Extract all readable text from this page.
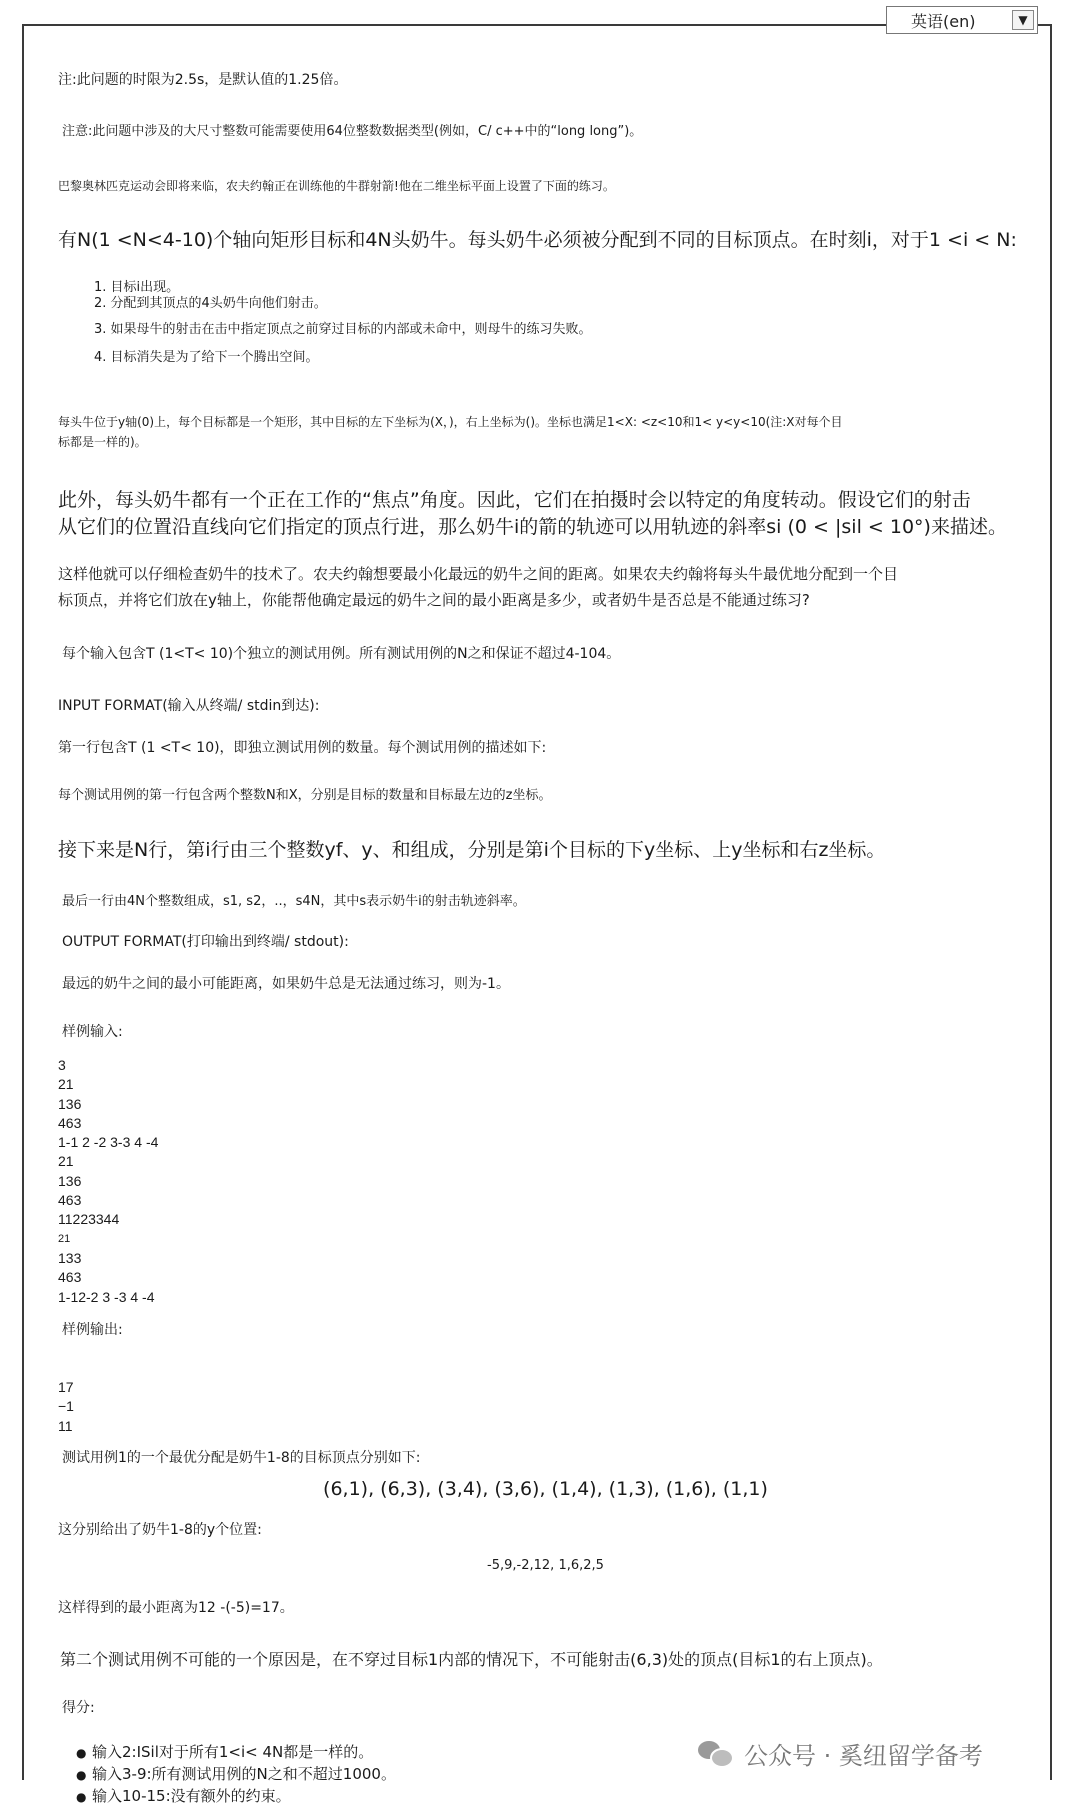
注:此问题的时限为2.5s，是默认值的1.25倍。
注意:此问题中涉及的大尺寸整数可能需要使用64位整数数据类型(例如，C/ c++中的“long long”)。
巴黎奥林匹克运动会即将来临，农夫约翰正在训练他的牛群射箭!他在二维坐标平面上设置了下面的练习。
有N(1 <N<4-10)个轴向矩形目标和4N头奶牛。每头奶牛必须被分配到不同的目标顶点。在时刻i，对于1 <i < N:
1. 目标i出现。
2. 分配到其顶点的4头奶牛向他们射击。
3. 如果母牛的射击在击中指定顶点之前穿过目标的内部或未命中，则母牛的练习失败。
4. 目标消失是为了给下一个腾出空间。
每头牛位于y轴(0)上，每个目标都是一个矩形，其中目标的左下坐标为(X，)，右上坐标为()。坐标也满足1<X: <z<10和1< y<y<10(注:X对每个目
标都是一样的)。
此外，每头奶牛都有一个正在工作的“焦点”角度。因此，它们在拍摄时会以特定的角度转动。假设它们的射击
从它们的位置沿直线向它们指定的顶点行进，那么奶牛i的箭的轨迹可以用轨迹的斜率si (0 < |sil < 10°)来描述。
这样他就可以仔细检查奶牛的技术了。农夫约翰想要最小化最远的奶牛之间的距离。如果农夫约翰将每头牛最优地分配到一个目
标顶点，并将它们放在y轴上，你能帮他确定最远的奶牛之间的最小距离是多少，或者奶牛是否总是不能通过练习?
每个输入包含T (1<T< 10)个独立的测试用例。所有测试用例的N之和保证不超过4-104。
INPUT FORMAT(输入从终端/ stdin到达):
第一行包含T (1 <T< 10)，即独立测试用例的数量。每个测试用例的描述如下:
每个测试用例的第一行包含两个整数N和X，分别是目标的数量和目标最左边的z坐标。
接下来是N行，第i行由三个整数yf、y、和组成，分别是第i个目标的下y坐标、上y坐标和右z坐标。
最后一行由4N个整数组成，s1, s2，..，s4N，其中s表示奶牛i的射击轨迹斜率。
OUTPUT FORMAT(打印输出到终端/ stdout):
最远的奶牛之间的最小可能距离，如果奶牛总是无法通过练习，则为-1。
样例输入:
3
21
136
463
1-1 2 -2 3-3 4 -4
21
136
463
11223344
21
133
463
1-12-2 3 -3 4 -4
样例输出:
17
−1
11
测试用例1的一个最优分配是奶牛1-8的目标顶点分别如下:
(6,1), (6,3), (3,4), (3,6), (1,4), (1,3), (1,6), (1,1)
这分别给出了奶牛1-8的y个位置:
-5,9,-2,12, 1,6,2,5
这样得到的最小距离为12 -(-5)=17。
第二个测试用例不可能的一个原因是，在不穿过目标1内部的情况下，不可能射击(6,3)处的顶点(目标1的右上顶点)。
得分:
● 输入2:ISil对于所有1<i< 4N都是一样的。
● 输入3-9:所有测试用例的N之和不超过1000。
● 输入10-15:没有额外的约束。
英语(en)	▼
公众号 · 奚纽留学备考
